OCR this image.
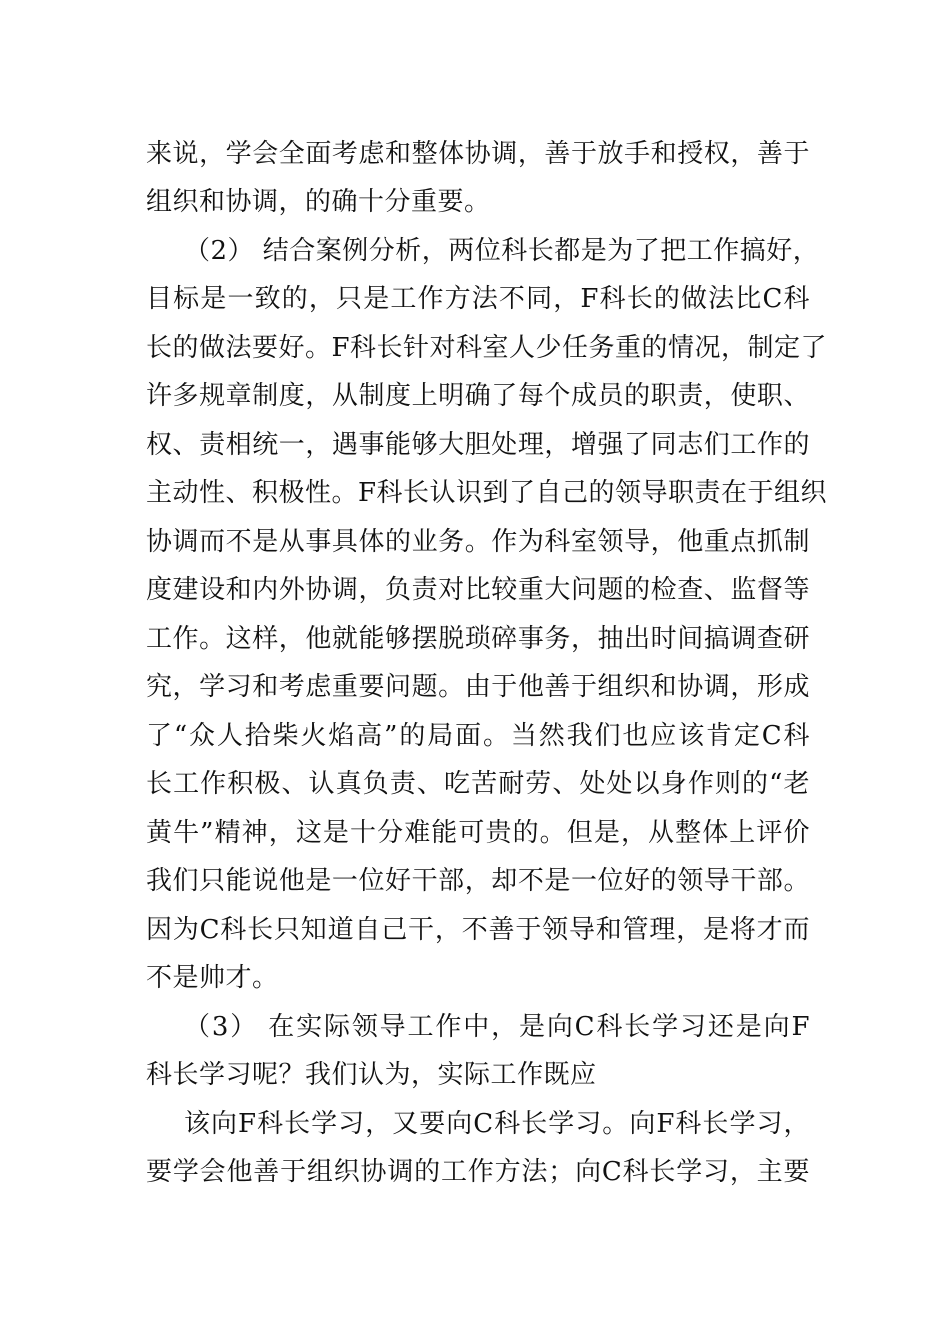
来说，学会全面考虑和整体协调，善于放手和授权，善于
组织和协调，的确十分重要。
（2） 结合案例分析，两位科长都是为了把工作搞好，
目标是一致的，只是工作方法不同，F科长的做法比C科
长的做法要好。F科长针对科室人少任务重的情况，制定了
许多规章制度，从制度上明确了每个成员的职责，使职、
权、责相统一，遇事能够大胆处理，增强了同志们工作的
主动性、积极性。F科长认识到了自己的领导职责在于组织
协调而不是从事具体的业务。作为科室领导，他重点抓制
度建设和内外协调，负责对比较重大问题的检查、监督等
工作。这样，他就能够摆脱琐碎事务，抽出时间搞调查研
究，学习和考虑重要问题。由于他善于组织和协调，形成
了“众人拾柴火焰高”的局面。当然我们也应该肯定C科
长工作积极、认真负责、吃苦耐劳、处处以身作则的“老
黄牛”精神，这是十分难能可贵的。但是，从整体上评价
我们只能说他是一位好干部，却不是一位好的领导干部。
因为C科长只知道自己干，不善于领导和管理，是将才而
不是帅才。
（3） 在实际领导工作中，是向C科长学习还是向F
科长学习呢？我们认为，实际工作既应
该向F科长学习，又要向C科长学习。向F科长学习，
要学会他善于组织协调的工作方法；向C科长学习，主要
